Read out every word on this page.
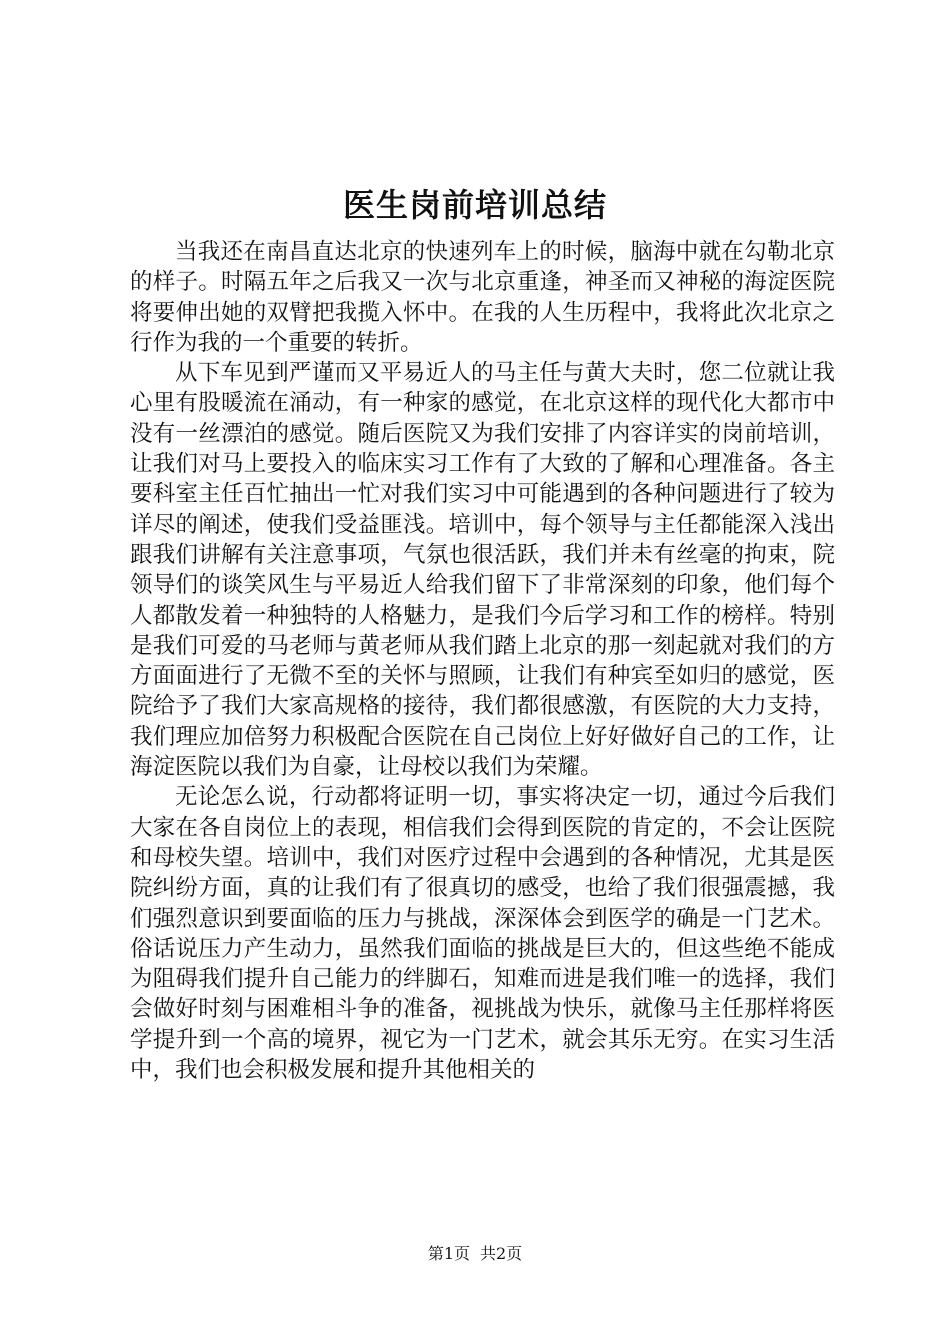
医生岗前培训总结

当我还在南昌直达北京的快速列车上的时候，脑海中就在勾勒北京的样子。时隔五年之后我又一次与北京重逢，神圣而又神秘的海淀医院将要伸出她的双臂把我揽入怀中。在我的人生历程中，我将此次北京之行作为我的一个重要的转折。

从下车见到严谨而又平易近人的马主任与黄大夫时，您二位就让我心里有股暖流在涌动，有一种家的感觉，在北京这样的现代化大都市中没有一丝漂泊的感觉。随后医院又为我们安排了内容详实的岗前培训，让我们对马上要投入的临床实习工作有了大致的了解和心理准备。各主要科室主任百忙抽出一忙对我们实习中可能遇到的各种问题进行了较为详尽的阐述，使我们受益匪浅。培训中，每个领导与主任都能深入浅出跟我们讲解有关注意事项，气氛也很活跃，我们并未有丝毫的拘束，院领导们的谈笑风生与平易近人给我们留下了非常深刻的印象，他们每个人都散发着一种独特的人格魅力，是我们今后学习和工作的榜样。特别是我们可爱的马老师与黄老师从我们踏上北京的那一刻起就对我们的方方面面进行了无微不至的关怀与照顾，让我们有种宾至如归的感觉，医院给予了我们大家高规格的接待，我们都很感激，有医院的大力支持，我们理应加倍努力积极配合医院在自己岗位上好好做好自己的工作，让海淀医院以我们为自豪，让母校以我们为荣耀。

无论怎么说，行动都将证明一切，事实将决定一切，通过今后我们大家在各自岗位上的表现，相信我们会得到医院的肯定的，不会让医院和母校失望。培训中，我们对医疗过程中会遇到的各种情况，尤其是医院纠纷方面，真的让我们有了很真切的感受，也给了我们很强震撼，我们强烈意识到要面临的压力与挑战，深深体会到医学的确是一门艺术。俗话说压力产生动力，虽然我们面临的挑战是巨大的，但这些绝不能成为阻碍我们提升自己能力的绊脚石，知难而进是我们唯一的选择，我们会做好时刻与困难相斗争的准备，视挑战为快乐，就像马主任那样将医学提升到一个高的境界，视它为一门艺术，就会其乐无穷。在实习生活中，我们也会积极发展和提升其他相关的

第1页 共2页
